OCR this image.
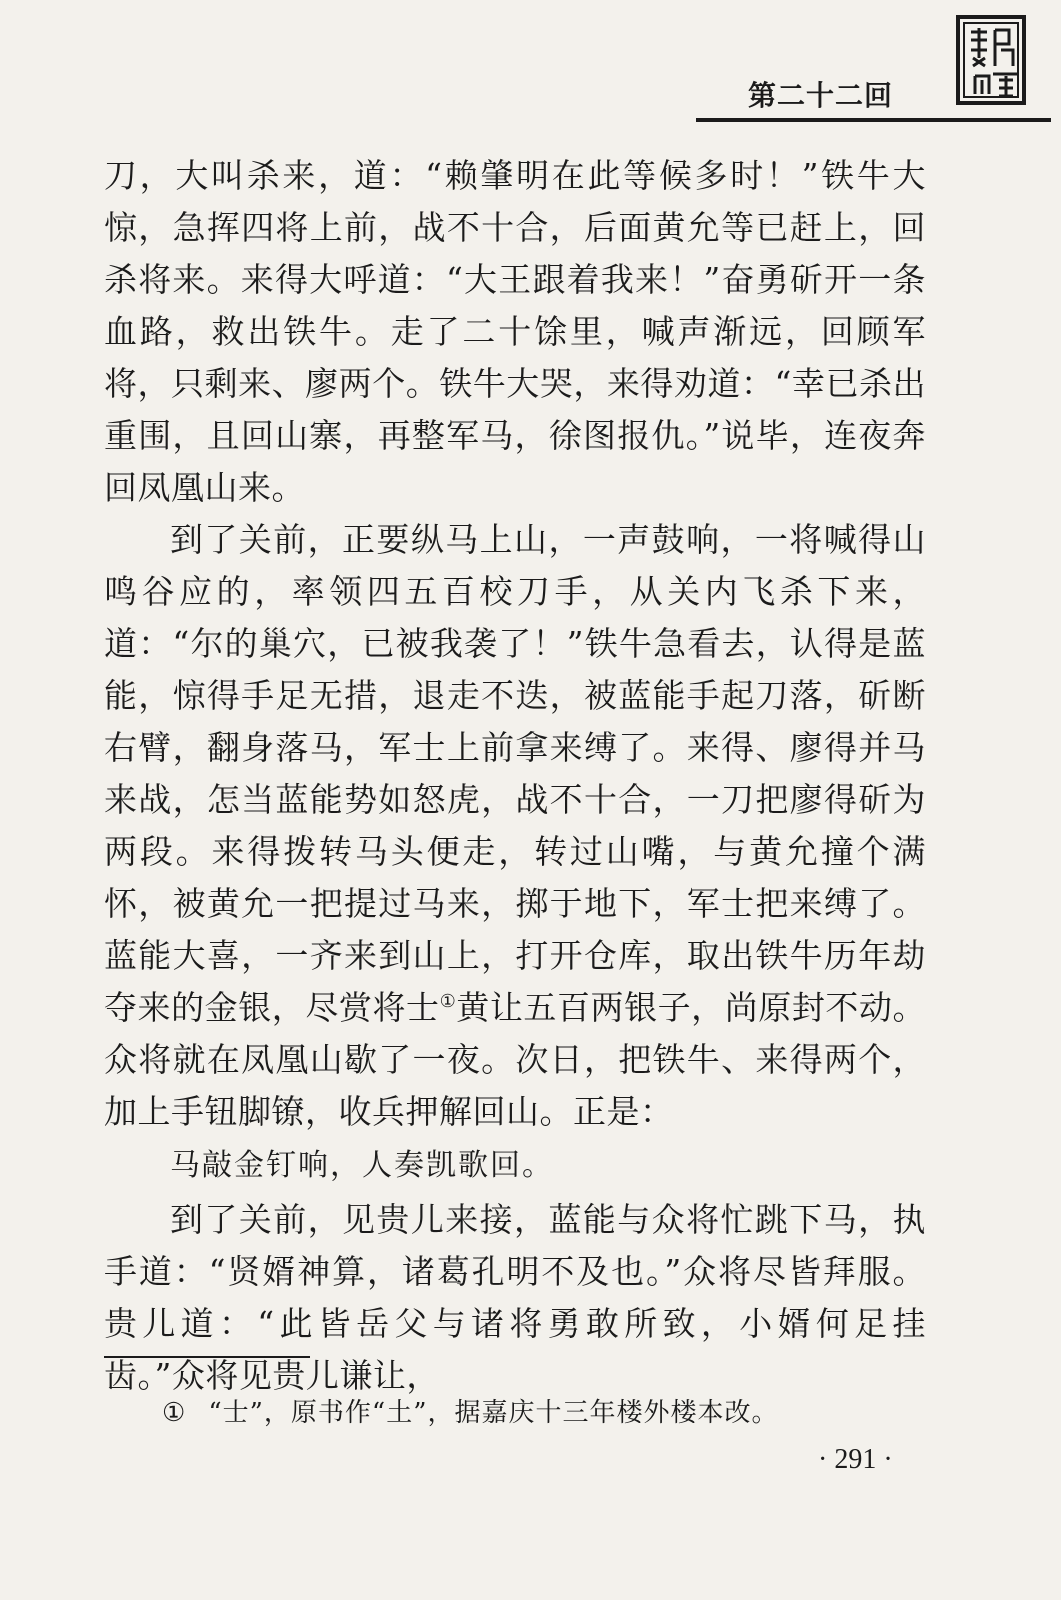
第二十二回

刀，大叫杀来，道：“赖肇明在此等候多时！”铁牛大惊，急挥四将上前，战不十合，后面黄允等已赶上，回杀将来。来得大呼道：“大王跟着我来！”奋勇斫开一条血路，救出铁牛。走了二十馀里，喊声渐远，回顾军将，只剩来、廖两个。铁牛大哭，来得劝道：“幸已杀出重围，且回山寨，再整军马，徐图报仇。”说毕，连夜奔回凤凰山来。

到了关前，正要纵马上山，一声鼓响，一将喊得山鸣谷应的，率领四五百校刀手，从关内飞杀下来，道：“尔的巢穴，已被我袭了！”铁牛急看去，认得是蓝能，惊得手足无措，退走不迭，被蓝能手起刀落，斫断右臂，翻身落马，军士上前拿来缚了。来得、廖得并马来战，怎当蓝能势如怒虎，战不十合，一刀把廖得斫为两段。来得拨转马头便走，转过山嘴，与黄允撞个满怀，被黄允一把提过马来，掷于地下，军士把来缚了。蓝能大喜，一齐来到山上，打开仓库，取出铁牛历年劫夺来的金银，尽赏将士①黄让五百两银子，尚原封不动。众将就在凤凰山歇了一夜。次日，把铁牛、来得两个，加上手钮脚镣，收兵押解回山。正是：

马敲金钉响，人奏凯歌回。

到了关前，见贵儿来接，蓝能与众将忙跳下马，执手道：“贤婿神算，诸葛孔明不及也。”众将尽皆拜服。贵儿道：“此皆岳父与诸将勇敢所致，小婿何足挂齿。”众将见贵儿谦让，

① “士”，原书作“土”，据嘉庆十三年楼外楼本改。
· 291 ·
